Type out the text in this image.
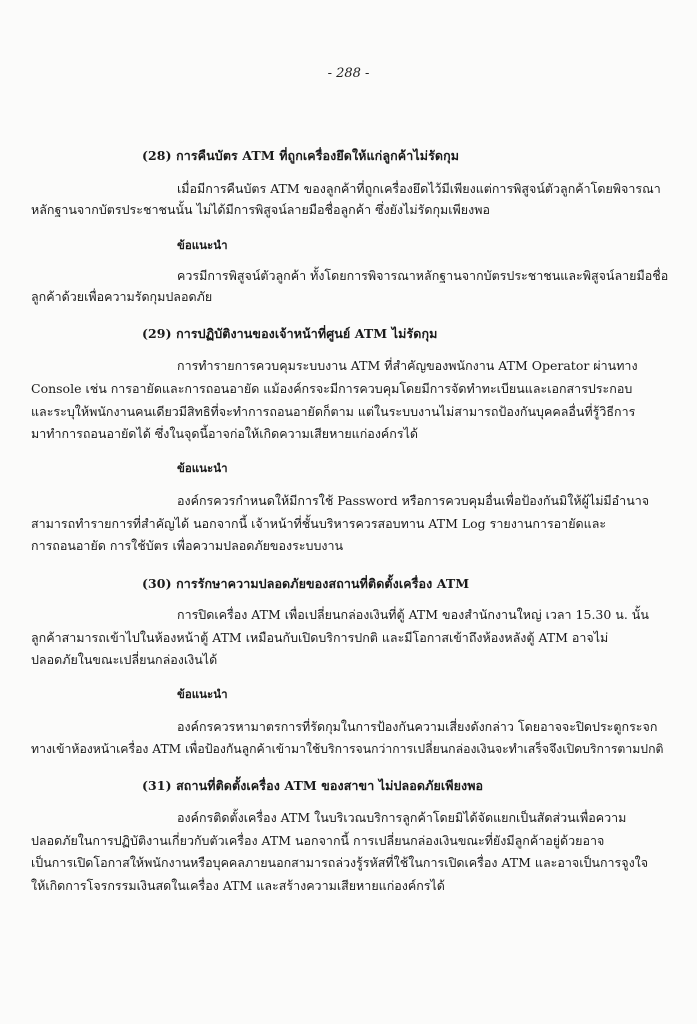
- 288 -

(28) การคืนบัตร ATM ที่ถูกเครื่องยึดให้แก่ลูกค้าไม่รัดกุม

เมื่อมีการคืนบัตร ATM ของลูกค้าที่ถูกเครื่องยึดไว้มีเพียงแต่การพิสูจน์ตัวลูกค้าโดยพิจารณา

หลักฐานจากบัตรประชาชนนั้น ไม่ได้มีการพิสูจน์ลายมือชื่อลูกค้า ซึ่งยังไม่รัดกุมเพียงพอ

ข้อแนะนำ

ควรมีการพิสูจน์ตัวลูกค้า ทั้งโดยการพิจารณาหลักฐานจากบัตรประชาชนและพิสูจน์ลายมือชื่อ

ลูกค้าด้วยเพื่อความรัดกุมปลอดภัย

(29) การปฏิบัติงานของเจ้าหน้าที่ศูนย์ ATM ไม่รัดกุม

การทำรายการควบคุมระบบงาน ATM ที่สำคัญของพนักงาน ATM Operator ผ่านทาง

Console เช่น การอายัดและการถอนอายัด แม้องค์กรจะมีการควบคุมโดยมีการจัดทำทะเบียนและเอกสารประกอบ

และระบุให้พนักงานคนเดียวมีสิทธิที่จะทำการถอนอายัดก็ตาม แต่ในระบบงานไม่สามารถป้องกันบุคคลอื่นที่รู้วิธีการ

มาทำการถอนอายัดได้ ซึ่งในจุดนี้อาจก่อให้เกิดความเสียหายแก่องค์กรได้

ข้อแนะนำ

องค์กรควรกำหนดให้มีการใช้ Password หรือการควบคุมอื่นเพื่อป้องกันมิให้ผู้ไม่มีอำนาจ

สามารถทำรายการที่สำคัญได้ นอกจากนี้ เจ้าหน้าที่ชั้นบริหารควรสอบทาน ATM Log รายงานการอายัดและ

การถอนอายัด การใช้บัตร เพื่อความปลอดภัยของระบบงาน

(30) การรักษาความปลอดภัยของสถานที่ติดตั้งเครื่อง ATM

การปิดเครื่อง ATM เพื่อเปลี่ยนกล่องเงินที่ตู้ ATM ของสำนักงานใหญ่ เวลา 15.30 น. นั้น

ลูกค้าสามารถเข้าไปในห้องหน้าตู้ ATM เหมือนกับเปิดบริการปกติ และมีโอกาสเข้าถึงห้องหลังตู้ ATM อาจไม่

ปลอดภัยในขณะเปลี่ยนกล่องเงินได้

ข้อแนะนำ

องค์กรควรหามาตรการที่รัดกุมในการป้องกันความเสี่ยงดังกล่าว โดยอาจจะปิดประตูกระจก

ทางเข้าห้องหน้าเครื่อง ATM เพื่อป้องกันลูกค้าเข้ามาใช้บริการจนกว่าการเปลี่ยนกล่องเงินจะทำเสร็จจึงเปิดบริการตามปกติ

(31) สถานที่ติดตั้งเครื่อง ATM ของสาขา ไม่ปลอดภัยเพียงพอ

องค์กรติดตั้งเครื่อง ATM ในบริเวณบริการลูกค้าโดยมิได้จัดแยกเป็นสัดส่วนเพื่อความ

ปลอดภัยในการปฏิบัติงานเกี่ยวกับตัวเครื่อง ATM นอกจากนี้ การเปลี่ยนกล่องเงินขณะที่ยังมีลูกค้าอยู่ด้วยอาจ

เป็นการเปิดโอกาสให้พนักงานหรือบุคคลภายนอกสามารถล่วงรู้รหัสที่ใช้ในการเปิดเครื่อง ATM และอาจเป็นการจูงใจ

ให้เกิดการโจรกรรมเงินสดในเครื่อง ATM และสร้างความเสียหายแก่องค์กรได้
